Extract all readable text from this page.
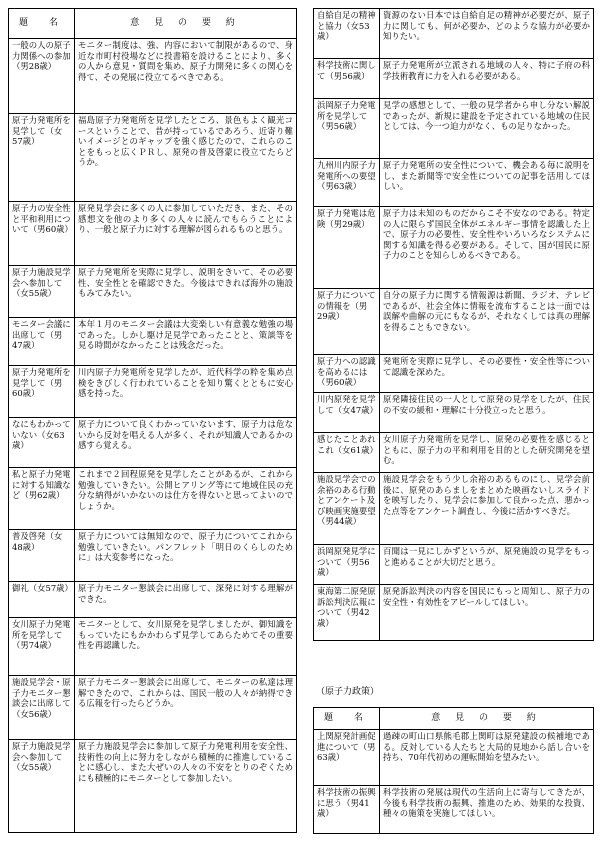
題　名	意 見 の 要 約
一般の人の原子力関係への参加（男28歳）	モニター制度は、強、内容において制限があるので、身近な市町村役場などに投書箱を設けることにより、多くの人から意見・質問を集め、原子力開発に多くの関心を得て、その発展に役立てるべきである。
原子力発電所を見学して（女57歳）	福島原子力発電所を見学したところ、景色もよく観光コースということで、昔が持っているであろう、近寄り難いイメージとのギャップを強く感じたので、これらのことをもっと広くＰＲし、原発の普及啓蒙に役立てたらどうか。
原子力の安全性と平和利用について（男60歳）	原発見学会に多くの人に参加していただき、また、その感想文を他のより多くの人々に読んでもらうことにより、一般と原子力に対する理解が図られるものと思う。
原子力施設見学会へ参加して（女55歳）	原子力発電所を実際に見学し、説明をきいて、その必要性、安全性とを確認できた。今後はできれば海外の施設もみてみたい。
モニター会議に出席して（男47歳）	本年１月のモニター会議は大変楽しい有意義な勉強の場であった。しかし駆け足見学であったことと、策談等を見る時間がなかったことは残念だった。
原子力発電所を見学して（男60歳）	川内原子力発電所を見学したが、近代科学の粋を集め点検をきびしく行われていることを知り驚くとともに安心感を持った。
なにもわかっていない（女63歳）	原子力について良くわかっていないます、原子力は危ないから反対を唱える人が多く、それが知識人であるかの感すら覚える。
私と原子力発電に対する知識など（男62歳）	これまで２回程原発を見学したことがあるが、これから勉強していきたい。公開ヒアリング等にて地域住民の充分な納得がいかないのは仕方を得ないと思ってよいのでしょうか。
普及啓発（女48歳）	原子力については無知なので、原子力についてこれから勉強していきたい。パンフレット「明日のくらしのために」は大変参考になった。
御礼（女57歳）	原子力モニター懇談会に出席して、深発に対する理解ができた。
女川原子力発電所を見学して（男74歳）	モニターとして、女川原発を見学しましたが、御知識をもっていたにもかかわらず見学してあらためてその重要性を再認識した。
施設見学会・原子力モニター懇談会に出席して（女56歳）	原子力モニター懇談会に出席して、モニターの私達は理解できたので、これからは、国民一般の人々が納得できる広報を行ったらどうか。
原子力施設見学会へ参加して（女55歳）	原子力施設見学会に参加して原子力発電利用を安全性、技術性の向上に努力をしながら積極的に推進していることに感心し、また大ぜいの人々の不安をとりのぞくためにも積極的にモニターとして参加したい。
自給自足の精神と協力（女53歳）	資源のない日本では自給自足の精神が必要だが、原子力に関しても、何が必要か、どのような協力が必要か知りたい。
科学技術に関して（男56歳）	原子力発電所が立派される地域の人々、特に子府の科学技術教育に力を入れる必要がある。
浜岡原子力発電所を見学して（男56歳）	見学の感想として、一般の見学者から申し分ない解説であったが、新規に建設を予定されている地域の住民としては、今一つ迫力がなく、もの足りなかった。
九州川内原子力発電所への要望（男63歳）	原子力発電所の安全性について、機会ある毎に説明をし、また新聞等で安全性についての記事を活用してほしい。
原子力発電は危険（男29歳）	原子力は未知のものだからこそ不安なのである。特定の人に限らず国民全体がエネルギー事情を認識した上で、原子力の必要性、安全性やいろいろなシステムに関する知識を得る必要がある。そして、国が国民に原子力のことを知らしめるべきである。
原子力についての情報を（男29歳）	自分の原子力に関する情報源は新聞、ラジオ、テレビであるが、社会全体に情報を流布することは一面では誤解や曲解の元にもなるが、それなくしては真の理解を得ることもできない。
原子力への認識を高めるには（男60歳）	発電所を実際に見学し、その必要性・安全性等について認識を深めた。
川内原発を見学して（女47歳）	原発隣接住民の一人として原発の見学をしたが、住民の不安の緩和・理解に十分役立ったと思う。
感じたことあれこれ（女61歳）	女川原子力発電所を見学し、原発の必要性を感じるとともに、原子力の平和利用を目的とした研究開発を望む。
施設見学会での余裕のある行動とアンケート及び映画実施要望（男44歳）	施設見学会をもう少し余裕のあるものにし、見学会前後に、原発のあらましをまとめた映画ないしスライドを映写したり、見学会に参加して良かった点、悪かった点等をアンケート調査し、今後に活かすべきだ。
浜岡原発見学について（男56歳）	百聞は一見にしかずというが、原発施設の見学をもっと進めることが大切だと思う。
東海第二原発原訴訟判決広報について（男42歳）	原発訴訟判決の内容を国民にもっと周知し、原子力の安全性・有効性をアピールしてほしい。
（原子力政策）
題　名	意 見 の 要 約
上関原発計画促進について（男63歳）	過疎の町山口県熊毛郡上関町は原発建設の候補地である。反対している人たちと大局的見地から話し合いを持ち、70年代初めの運転開始を望みたい。
科学技術の振興に思う（男41歳）	科学技術の発展は現代の生活向上に寄与してきたが、今後も科学技術の振興、推進のため、効果的な投資、種々の施策を実施してほしい。
